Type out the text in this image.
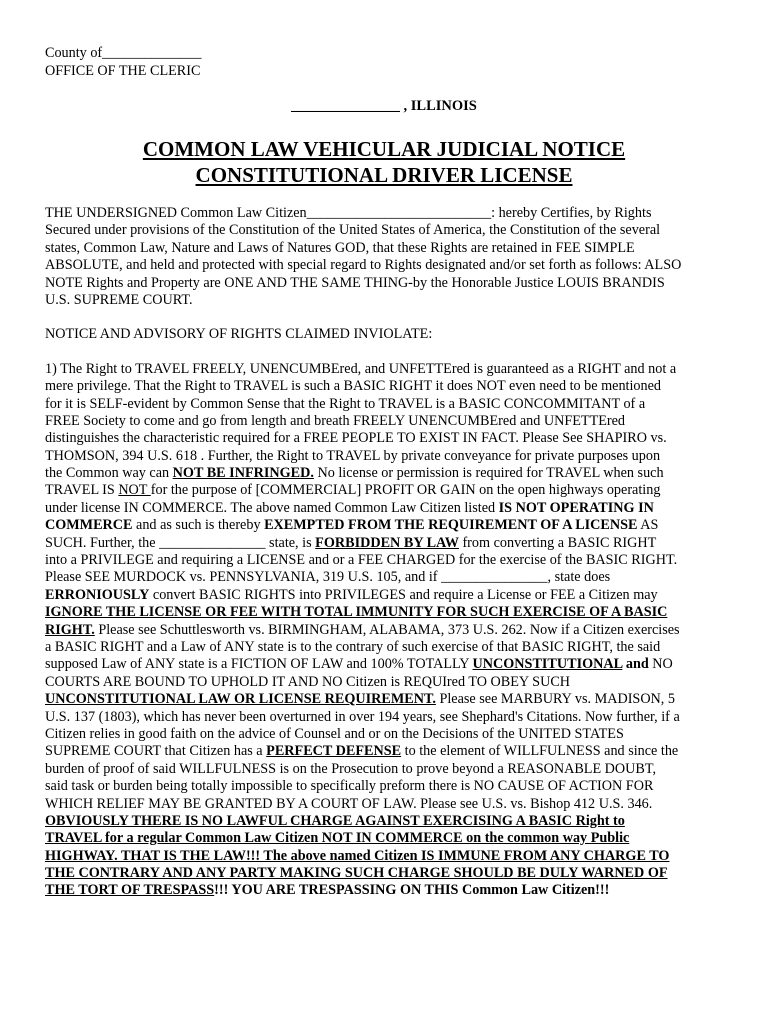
County of______________
OFFICE OF THE CLERIC
_______________ , ILLINOIS
COMMON LAW VEHICULAR JUDICIAL NOTICE
CONSTITUTIONAL DRIVER LICENSE
THE UNDERSIGNED Common Law Citizen__________________________: hereby Certifies, by Rights
Secured under provisions of the Constitution of the United States of America, the Constitution of the several
states, Common Law, Nature and Laws of Natures GOD, that these Rights are retained in FEE SIMPLE
ABSOLUTE, and held and protected with special regard to Rights designated and/or set forth as follows: ALSO
NOTE Rights and Property are ONE AND THE SAME THING-by the Honorable Justice LOUIS BRANDIS
U.S. SUPREME COURT.
NOTICE AND ADVISORY OF RIGHTS CLAIMED INVIOLATE:
1) The Right to TRAVEL FREELY, UNENCUMBEred, and UNFETTEred is guaranteed as a RIGHT and not a
mere privilege. That the Right to TRAVEL is such a BASIC RIGHT it does NOT even need to be mentioned
for it is SELF-evident by Common Sense that the Right to TRAVEL is a BASIC CONCOMMITANT of a
FREE Society to come and go from length and breath FREELY UNENCUMBEred and UNFETTEred
distinguishes the characteristic required for a FREE PEOPLE TO EXIST IN FACT. Please See SHAPIRO vs.
THOMSON, 394 U.S. 618 . Further, the Right to TRAVEL by private conveyance for private purposes upon
the Common way can NOT BE INFRINGED. No license or permission is required for TRAVEL when such
TRAVEL IS NOT for the purpose of [COMMERCIAL] PROFIT OR GAIN on the open highways operating
under license IN COMMERCE. The above named Common Law Citizen listed IS NOT OPERATING IN
COMMERCE and as such is thereby EXEMPTED FROM THE REQUIREMENT OF A LICENSE AS
SUCH. Further, the _______________ state, is FORBIDDEN BY LAW from converting a BASIC RIGHT
into a PRIVILEGE and requiring a LICENSE and or a FEE CHARGED for the exercise of the BASIC RIGHT.
Please SEE MURDOCK vs. PENNSYLVANIA, 319 U.S. 105, and if _______________, state does
ERRONIOUSLY convert BASIC RIGHTS into PRIVILEGES and require a License or FEE a Citizen may
IGNORE THE LICENSE OR FEE WITH TOTAL IMMUNITY FOR SUCH EXERCISE OF A BASIC
RIGHT. Please see Schuttlesworth vs. BIRMINGHAM, ALABAMA, 373 U.S. 262. Now if a Citizen exercises
a BASIC RIGHT and a Law of ANY state is to the contrary of such exercise of that BASIC RIGHT, the said
supposed Law of ANY state is a FICTION OF LAW and 100% TOTALLY UNCONSTITUTIONAL and NO
COURTS ARE BOUND TO UPHOLD IT AND NO Citizen is REQUIred TO OBEY SUCH
UNCONSTITUTIONAL LAW OR LICENSE REQUIREMENT. Please see MARBURY vs. MADISON, 5
U.S. 137 (1803), which has never been overturned in over 194 years, see Shephard's Citations. Now further, if a
Citizen relies in good faith on the advice of Counsel and or on the Decisions of the UNITED STATES
SUPREME COURT that Citizen has a PERFECT DEFENSE to the element of WILLFULNESS and since the
burden of proof of said WILLFULNESS is on the Prosecution to prove beyond a REASONABLE DOUBT,
said task or burden being totally impossible to specifically preform there is NO CAUSE OF ACTION FOR
WHICH RELIEF MAY BE GRANTED BY A COURT OF LAW. Please see U.S. vs. Bishop 412 U.S. 346.
OBVIOUSLY THERE IS NO LAWFUL CHARGE AGAINST EXERCISING A BASIC Right to
TRAVEL for a regular Common Law Citizen NOT IN COMMERCE on the common way Public
HIGHWAY. THAT IS THE LAW!!! The above named Citizen IS IMMUNE FROM ANY CHARGE TO
THE CONTRARY AND ANY PARTY MAKING SUCH CHARGE SHOULD BE DULY WARNED OF
THE TORT OF TRESPASS!!! YOU ARE TRESPASSING ON THIS Common Law Citizen!!!
